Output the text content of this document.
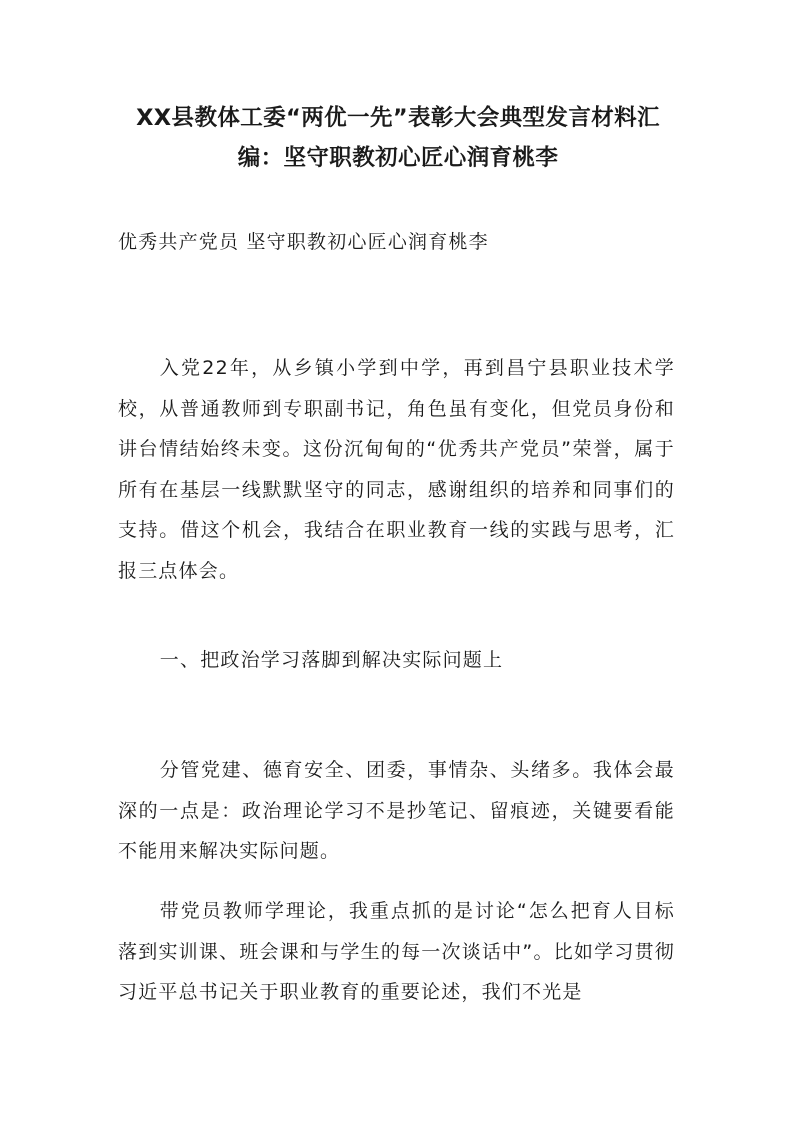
XX县教体工委“两优一先”表彰大会典型发言材料汇编：坚守职教初心匠心润育桃李

优秀共产党员 坚守职教初心匠心润育桃李

入党22年，从乡镇小学到中学，再到昌宁县职业技术学校，从普通教师到专职副书记，角色虽有变化，但党员身份和讲台情结始终未变。这份沉甸甸的“优秀共产党员”荣誉，属于所有在基层一线默默坚守的同志，感谢组织的培养和同事们的支持。借这个机会，我结合在职业教育一线的实践与思考，汇报三点体会。

一、把政治学习落脚到解决实际问题上

分管党建、德育安全、团委，事情杂、头绪多。我体会最深的一点是：政治理论学习不是抄笔记、留痕迹，关键要看能不能用来解决实际问题。

带党员教师学理论，我重点抓的是讨论“怎么把育人目标落到实训课、班会课和与学生的每一次谈话中”。比如学习贯彻习近平总书记关于职业教育的重要论述，我们不光是
